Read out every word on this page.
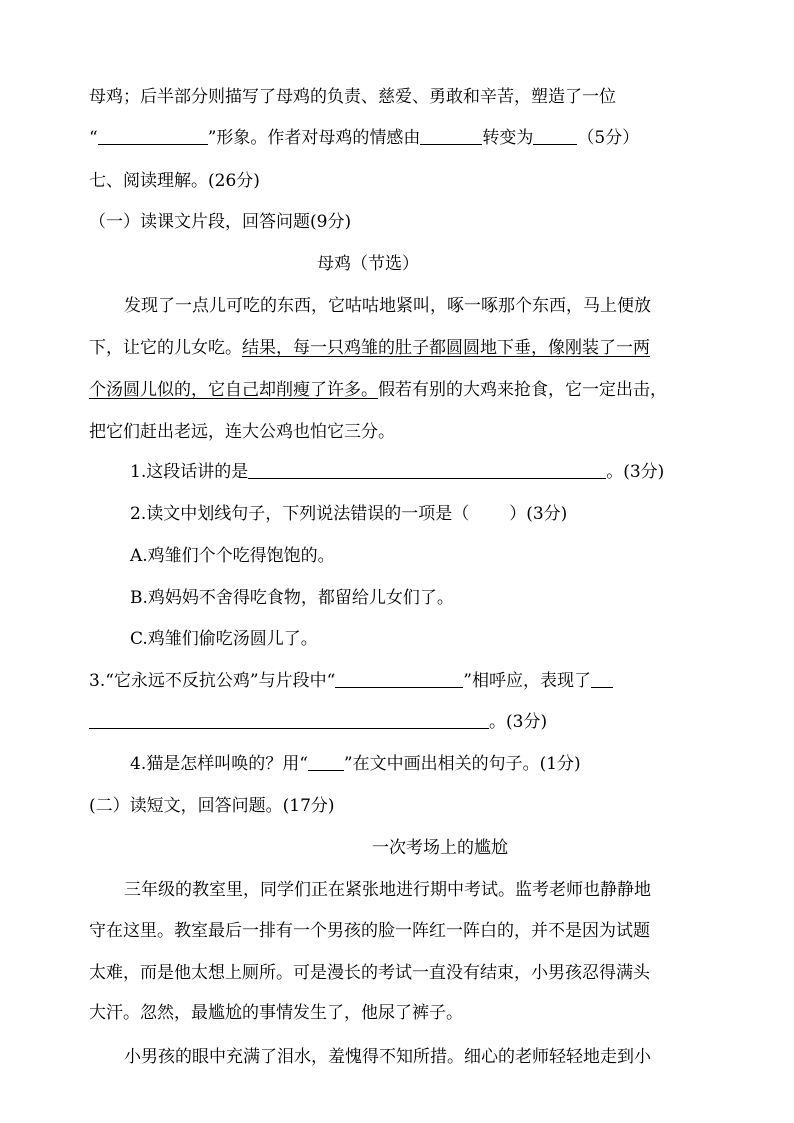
母鸡；后半部分则描写了母鸡的负责、慈爱、勇敢和辛苦，塑造了一位
“	”形象。作者对母鸡的情感由	转变为	（5分）
七、阅读理解。(26分)
（一）读课文片段，回答问题(9分)
母鸡（节选）
发现了一点儿可吃的东西，它咕咕地紧叫，啄一啄那个东西，马上便放
下，让它的儿女吃。结果，每一只鸡雏的肚子都圆圆地下垂，像刚装了一两
个汤圆儿似的，它自己却削瘦了许多。假若有别的大鸡来抢食，它一定出击，
把它们赶出老远，连大公鸡也怕它三分。
1.这段话讲的是	。(3分)
2.读文中划线句子，下列说法错误的一项是（ ）(3分)
A.鸡雏们个个吃得饱饱的。
B.鸡妈妈不舍得吃食物，都留给儿女们了。
C.鸡雏们偷吃汤圆儿了。
3.“它永远不反抗公鸡”与片段中“	”相呼应，表现了
。(3分)
4.猫是怎样叫唤的？用“ ”在文中画出相关的句子。(1分)
(二）读短文，回答问题。(17分)
一次考场上的尴尬
三年级的教室里，同学们正在紧张地进行期中考试。监考老师也静静地
守在这里。教室最后一排有一个男孩的脸一阵红一阵白的，并不是因为试题
太难，而是他太想上厕所。可是漫长的考试一直没有结束，小男孩忍得满头
大汗。忽然，最尴尬的事情发生了，他尿了裤子。
小男孩的眼中充满了泪水，羞愧得不知所措。细心的老师轻轻地走到小
